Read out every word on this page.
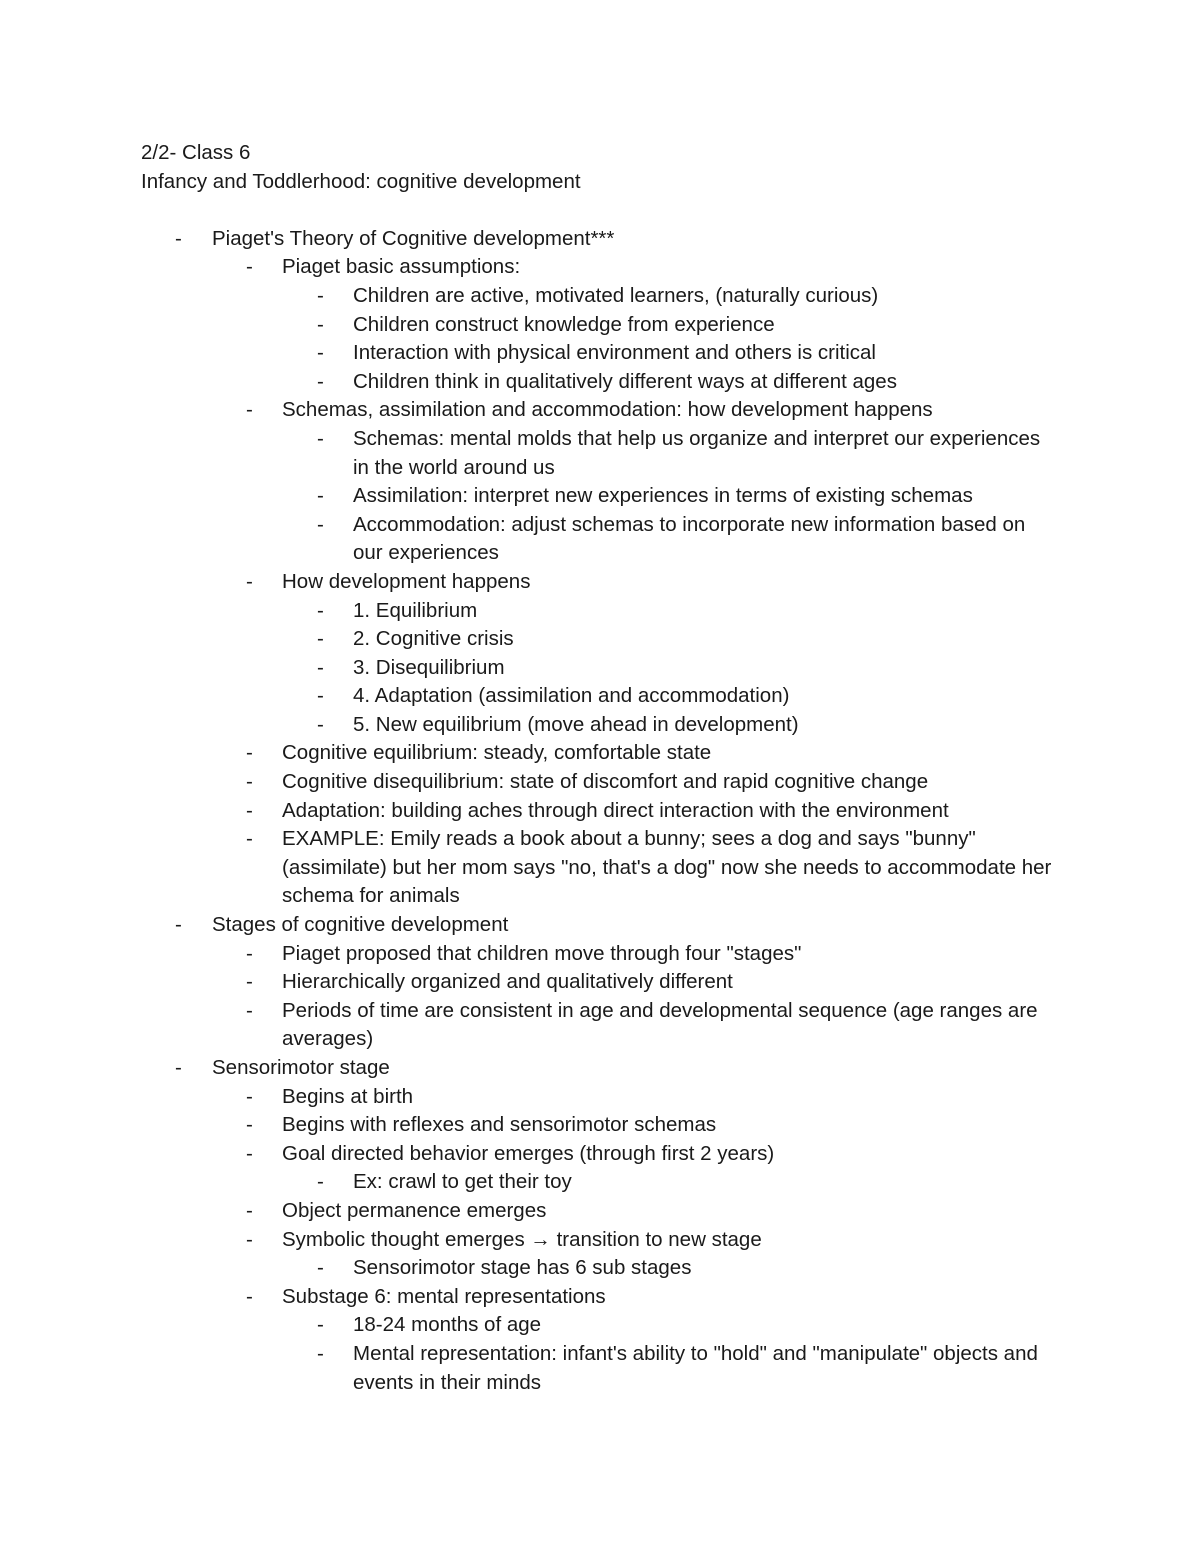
2/2- Class 6

Infancy and Toddlerhood: cognitive development

- Piaget's Theory of Cognitive development***
- Piaget basic assumptions:
- Children are active, motivated learners, (naturally curious)
- Children construct knowledge from experience
- Interaction with physical environment and others is critical
- Children think in qualitatively different ways at different ages
- Schemas, assimilation and accommodation: how development happens
- Schemas: mental molds that help us organize and interpret our experiences in the world around us
- Assimilation: interpret new experiences in terms of existing schemas
- Accommodation: adjust schemas to incorporate new information based on our experiences
- How development happens
- 1. Equilibrium
- 2. Cognitive crisis
- 3. Disequilibrium
- 4. Adaptation (assimilation and accommodation)
- 5. New equilibrium (move ahead in development)
- Cognitive equilibrium: steady, comfortable state
- Cognitive disequilibrium: state of discomfort and rapid cognitive change
- Adaptation: building aches through direct interaction with the environment
- EXAMPLE: Emily reads a book about a bunny; sees a dog and says "bunny" (assimilate) but her mom says "no, that's a dog" now she needs to accommodate her schema for animals
- Stages of cognitive development
- Piaget proposed that children move through four "stages"
- Hierarchically organized and qualitatively different
- Periods of time are consistent in age and developmental sequence (age ranges are averages)
- Sensorimotor stage
- Begins at birth
- Begins with reflexes and sensorimotor schemas
- Goal directed behavior emerges (through first 2 years)
- Ex: crawl to get their toy
- Object permanence emerges
- Symbolic thought emerges → transition to new stage
- Sensorimotor stage has 6 sub stages
- Substage 6: mental representations
- 18-24 months of age
- Mental representation: infant's ability to "hold" and "manipulate" objects and events in their minds
